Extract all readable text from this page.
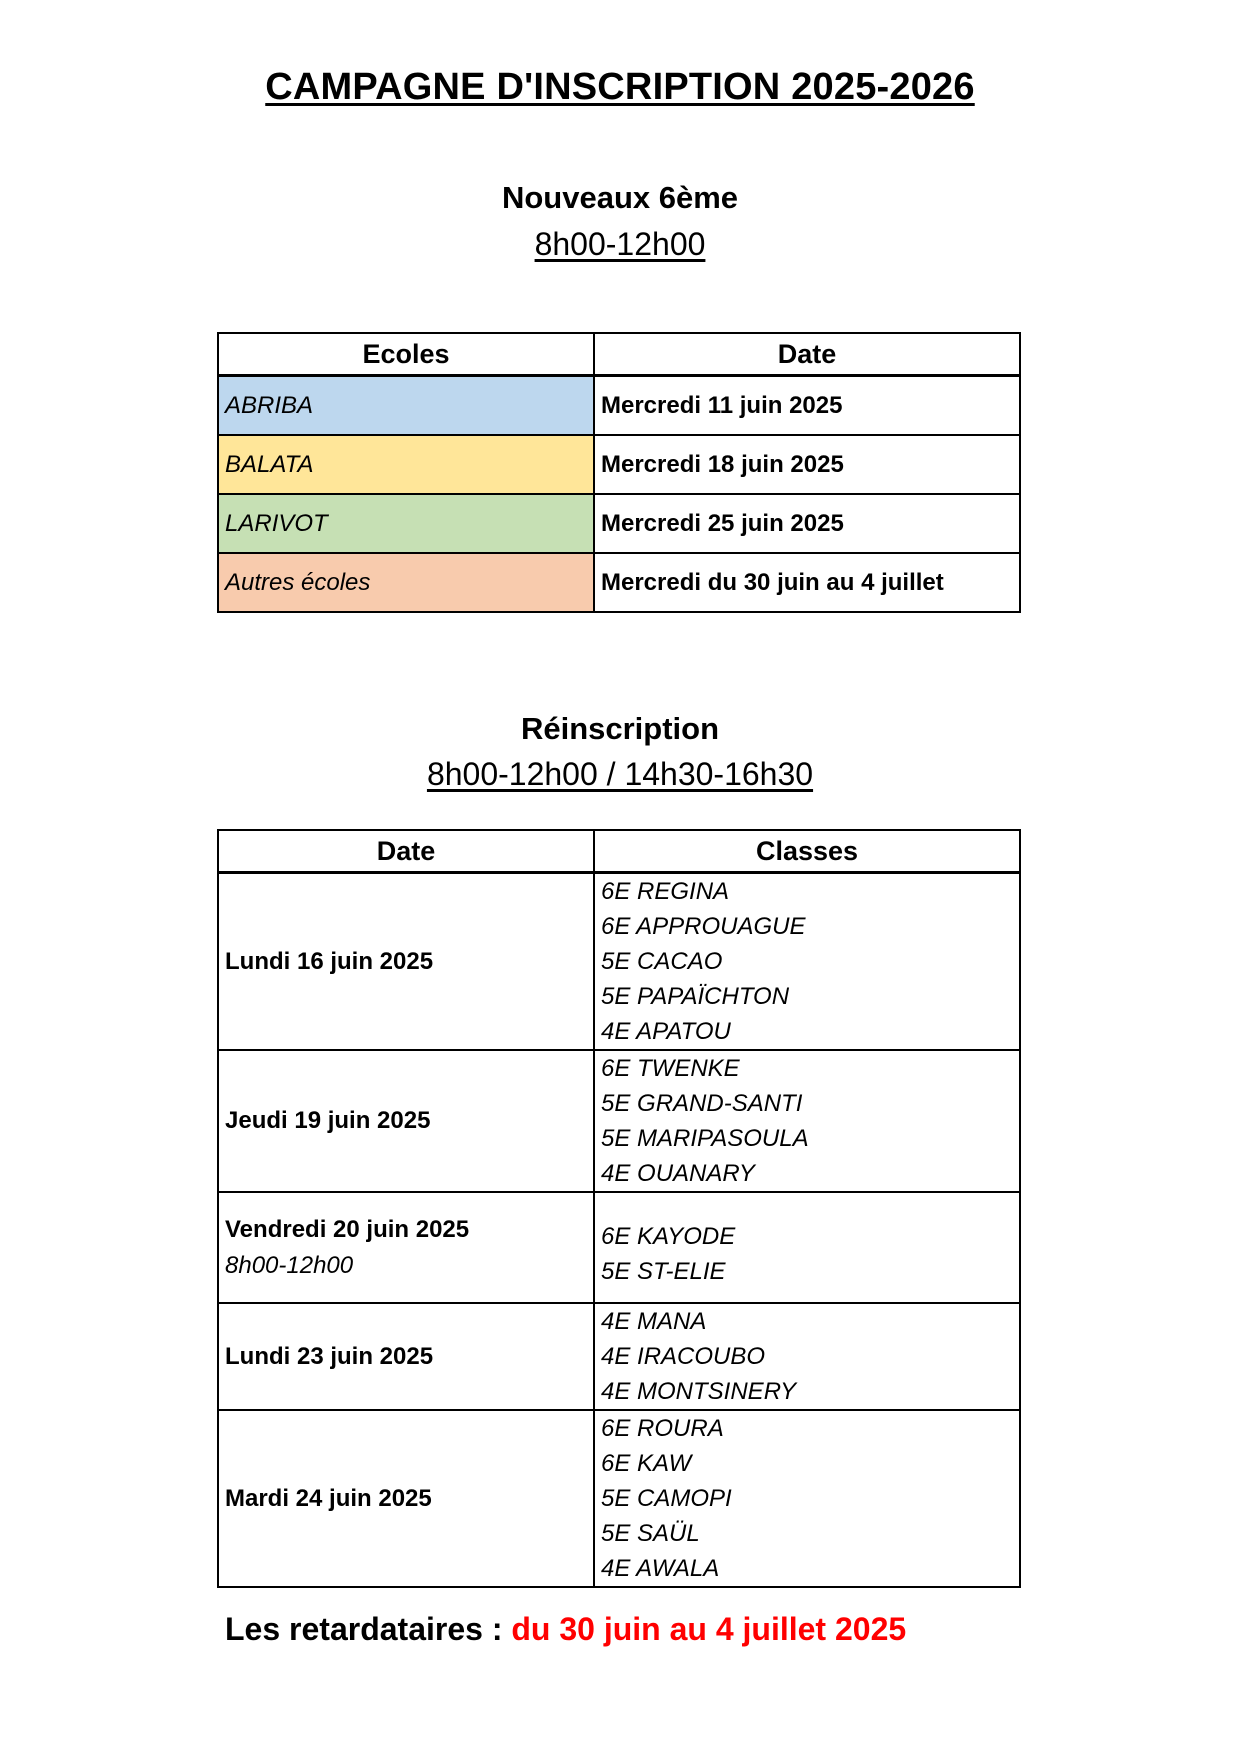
CAMPAGNE D'INSCRIPTION 2025-2026
Nouveaux 6ème

8h00-12h00

Ecoles	Date
ABRIBA	Mercredi 11 juin 2025
BALATA	Mercredi 18 juin 2025
LARIVOT	Mercredi 25 juin 2025
Autres écoles	Mercredi du 30 juin au 4 juillet
Réinscription

8h00-12h00 / 14h30-16h30

Date	Classes
Lundi 16 juin 2025	6E REGINA
6E APPROUAGUE
5E CACAO
5E PAPAÏCHTON
4E APATOU

Jeudi 19 juin 2025	6E TWENKE
5E GRAND-SANTI
5E MARIPASOULA
4E OUANARY

Vendredi 20 juin 2025
8h00-12h00	6E KAYODE
5E ST-ELIE

Lundi 23 juin 2025	4E MANA
4E IRACOUBO
4E MONTSINERY

Mardi 24 juin 2025	6E ROURA
6E KAW
5E CAMOPI
5E SAÜL
4E AWALA

Les retardataires : du 30 juin au 4 juillet 2025
